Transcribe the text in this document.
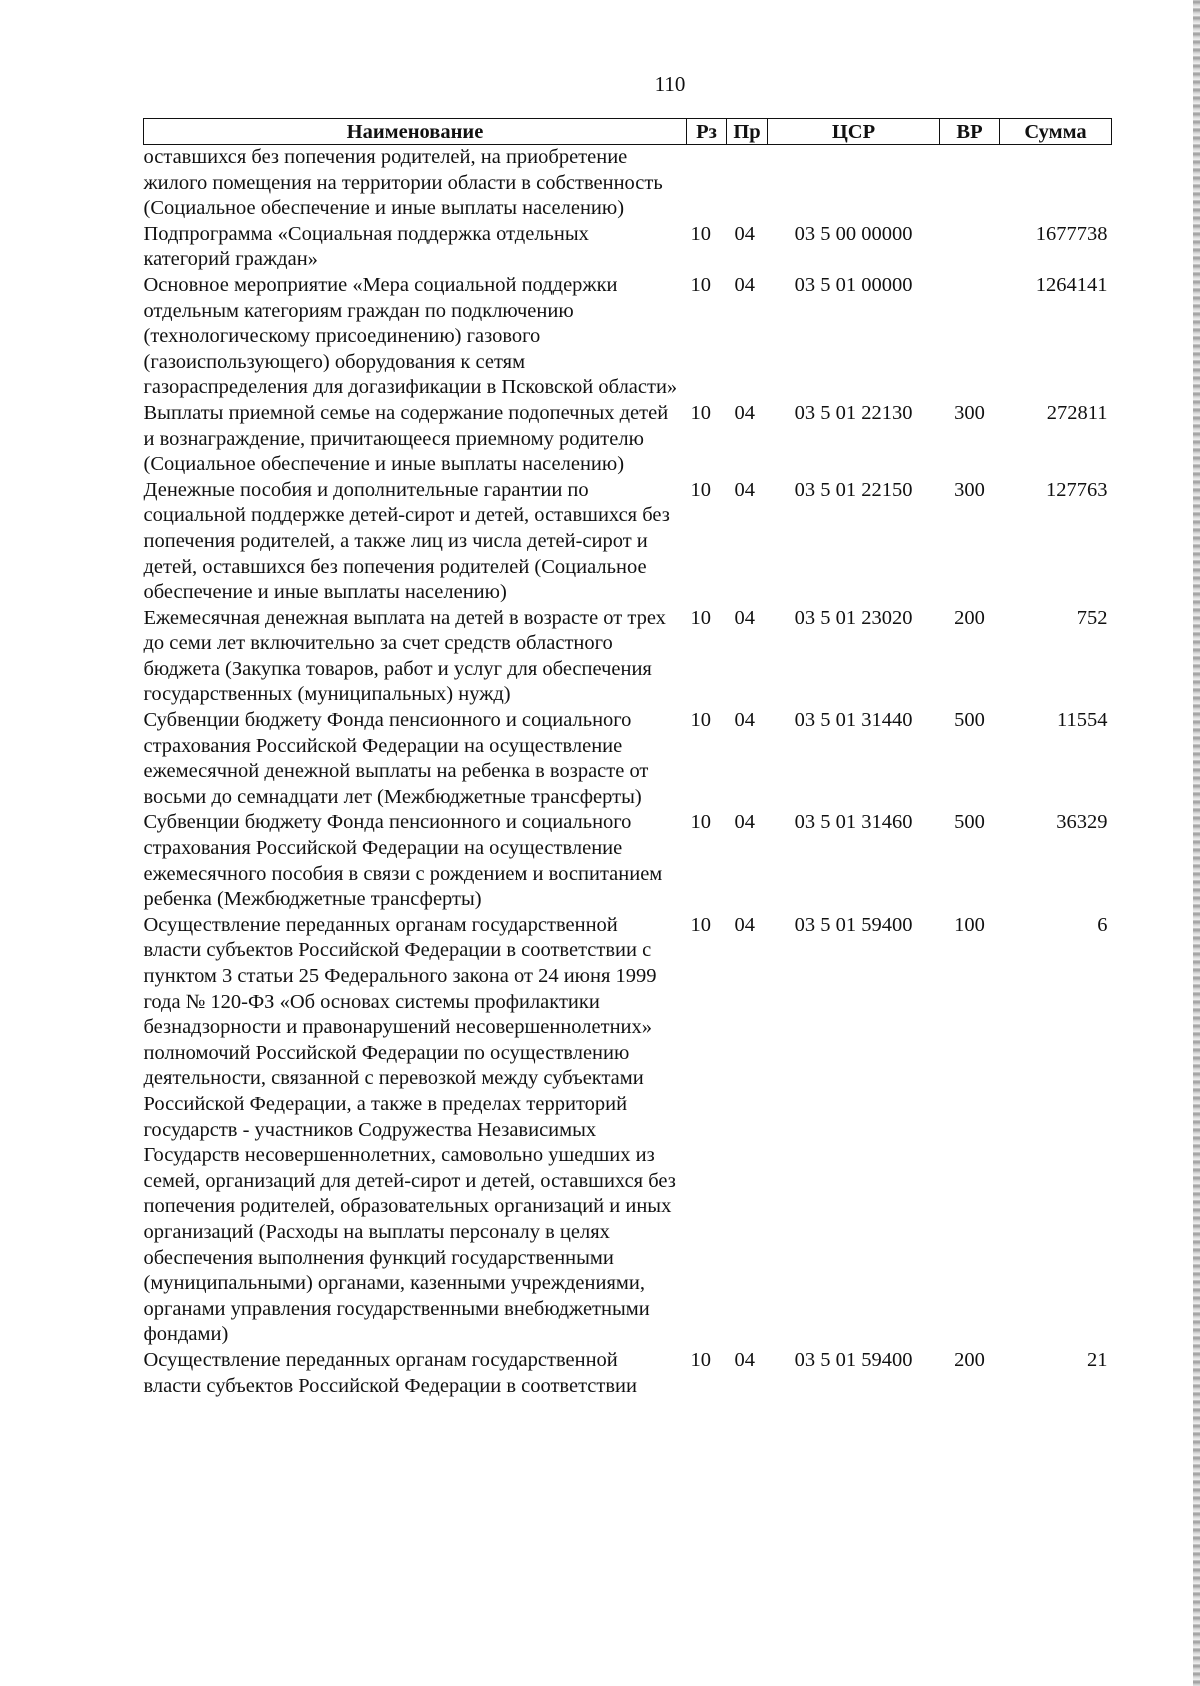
110
Наименование	Рз	Пр	ЦСР	ВР	Сумма
оставшихся без попечения родителей, на приобретение жилого помещения на территории области в собственность (Социальное обеспечение и иные выплаты населению)					
Подпрограмма «Социальная поддержка отдельных категорий граждан»	10	04	03 5 00 00000		1677738
Основное мероприятие «Мера социальной поддержки отдельным категориям граждан по подключению (технологическому присоединению) газового (газоиспользующего) оборудования к сетям газораспределения для догазификации в Псковской области»	10	04	03 5 01 00000		1264141
Выплаты приемной семье на содержание подопечных детей и вознаграждение, причитающееся приемному родителю (Социальное обеспечение и иные выплаты населению)	10	04	03 5 01 22130	300	272811
Денежные пособия и дополнительные гарантии по социальной поддержке детей-сирот и детей, оставшихся без попечения родителей, а также лиц из числа детей-сирот и детей, оставшихся без попечения родителей (Социальное обеспечение и иные выплаты населению)	10	04	03 5 01 22150	300	127763
Ежемесячная денежная выплата на детей в возрасте от трех до семи лет включительно за счет средств областного бюджета (Закупка товаров, работ и услуг для обеспечения государственных (муниципальных) нужд)	10	04	03 5 01 23020	200	752
Субвенции бюджету Фонда пенсионного и социального страхования Российской Федерации на осуществление ежемесячной денежной выплаты на ребенка в возрасте от восьми до семнадцати лет (Межбюджетные трансферты)	10	04	03 5 01 31440	500	11554
Субвенции бюджету Фонда пенсионного и социального страхования Российской Федерации на осуществление ежемесячного пособия в связи с рождением и воспитанием ребенка (Межбюджетные трансферты)	10	04	03 5 01 31460	500	36329
Осуществление переданных органам государственной власти субъектов Российской Федерации в соответствии с пунктом 3 статьи 25 Федерального закона от 24 июня 1999 года № 120-ФЗ «Об основах системы профилактики безнадзорности и правонарушений несовершеннолетних» полномочий Российской Федерации по осуществлению деятельности, связанной с перевозкой между субъектами Российской Федерации, а также в пределах территорий государств - участников Содружества Независимых Государств несовершеннолетних, самовольно ушедших из семей, организаций для детей-сирот и детей, оставшихся без попечения родителей, образовательных организаций и иных организаций (Расходы на выплаты персоналу в целях обеспечения выполнения функций государственными (муниципальными) органами, казенными учреждениями, органами управления государственными внебюджетными фондами)	10	04	03 5 01 59400	100	6
Осуществление переданных органам государственной власти субъектов Российской Федерации в соответствии	10	04	03 5 01 59400	200	21
